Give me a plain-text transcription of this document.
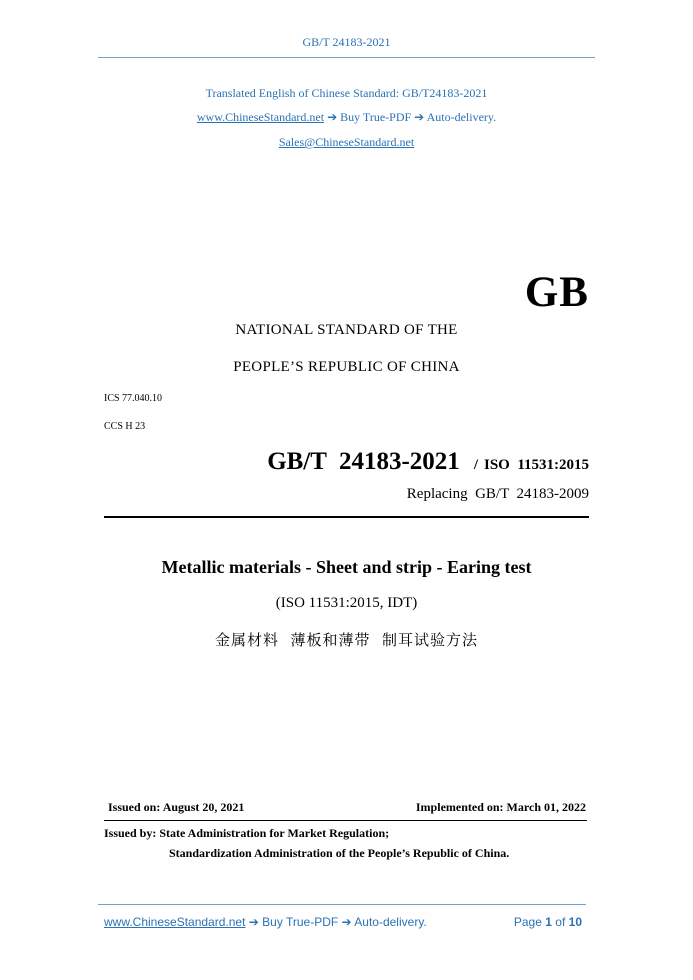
GB/T 24183-2021
Translated English of Chinese Standard: GB/T24183-2021
www.ChineseStandard.net ➔ Buy True-PDF ➔ Auto-delivery.
Sales@ChineseStandard.net
GB
NATIONAL STANDARD OF THE
PEOPLE’S REPUBLIC OF CHINA
ICS 77.040.10
CCS H 23
GB/T  24183-2021 / ISO  11531:2015
Replacing  GB/T  24183-2009
Metallic materials - Sheet and strip - Earing test
(ISO 11531:2015, IDT)
金属材料  薄板和薄带  制耳试验方法
Issued on: August 20, 2021	Implemented on: March 01, 2022
Issued by: State Administration for Market Regulation;
Standardization Administration of the People’s Republic of China.
www.ChineseStandard.net ➔ Buy True-PDF ➔ Auto-delivery.	Page 1 of 10
